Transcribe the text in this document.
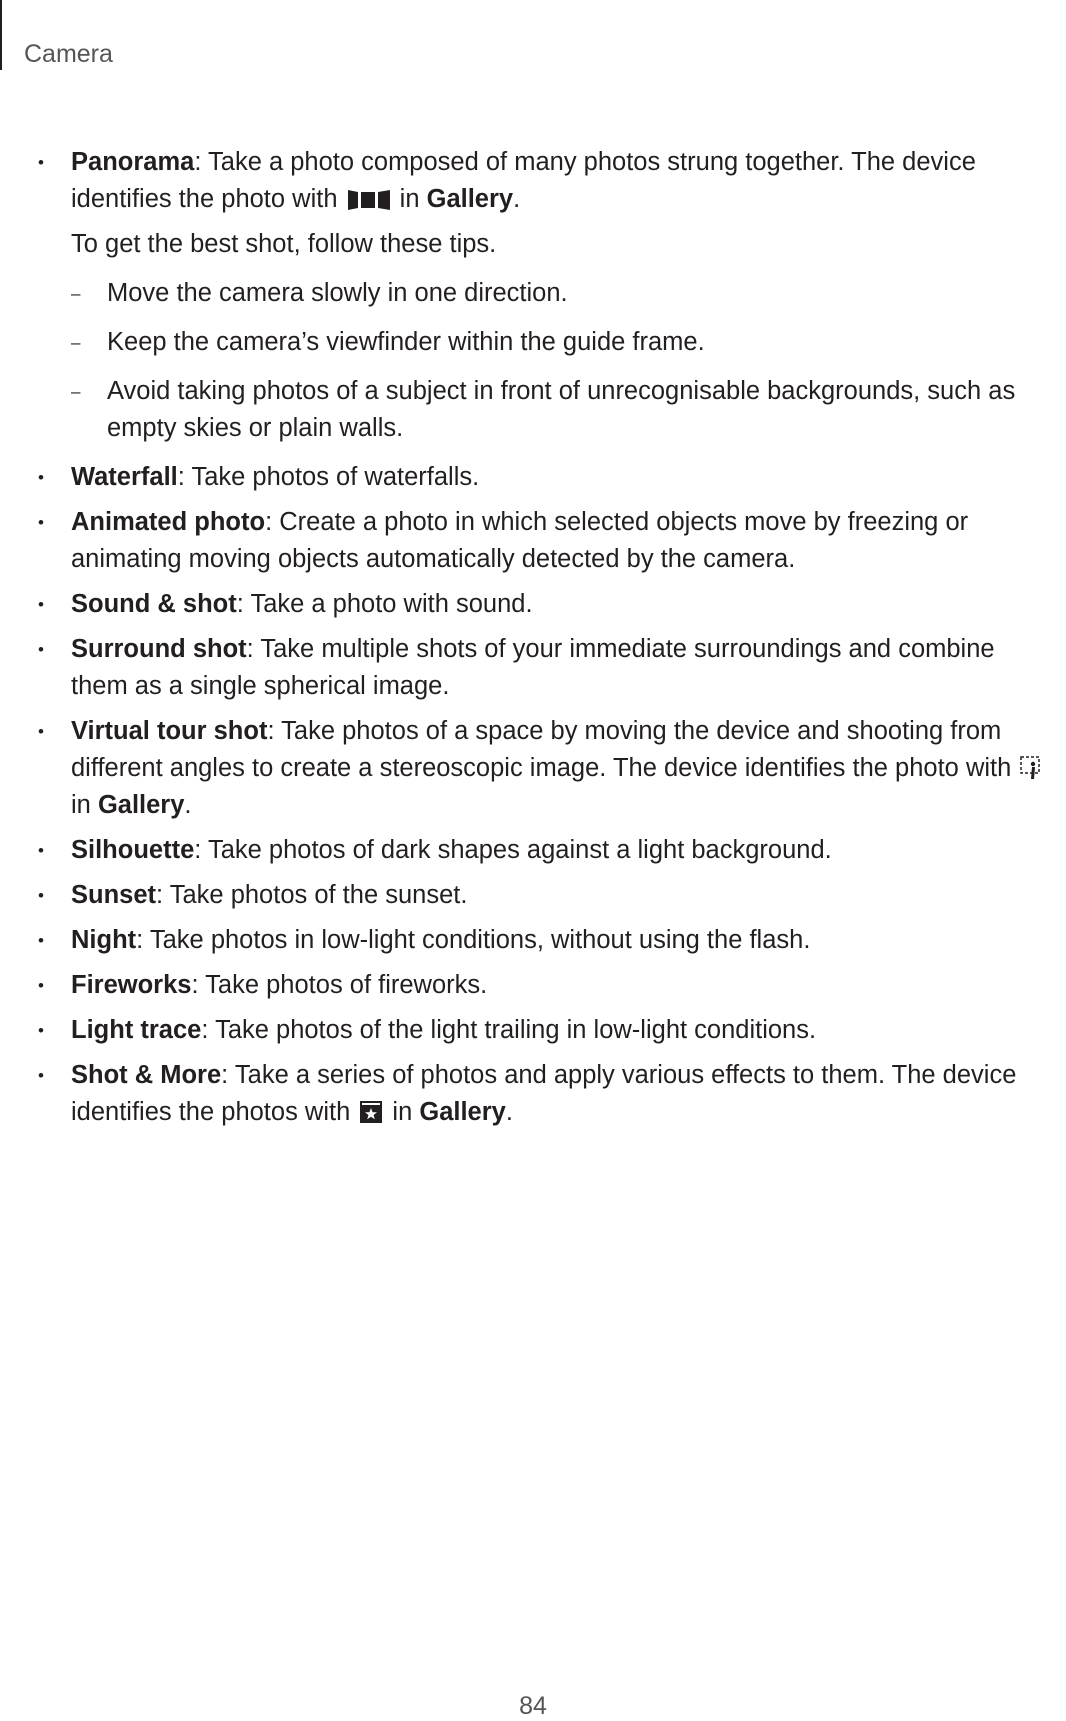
Camera
• Panorama: Take a photo composed of many photos strung together. The device identifies the photo with  in Gallery.
To get the best shot, follow these tips.
– Move the camera slowly in one direction.
– Keep the camera’s viewfinder within the guide frame.
– Avoid taking photos of a subject in front of unrecognisable backgrounds, such as empty skies or plain walls.
• Waterfall: Take photos of waterfalls.
• Animated photo: Create a photo in which selected objects move by freezing or animating moving objects automatically detected by the camera.
• Sound & shot: Take a photo with sound.
• Surround shot: Take multiple shots of your immediate surroundings and combine them as a single spherical image.
• Virtual tour shot: Take photos of a space by moving the device and shooting from different angles to create a stereoscopic image. The device identifies the photo with  in Gallery.
• Silhouette: Take photos of dark shapes against a light background.
• Sunset: Take photos of the sunset.
• Night: Take photos in low-light conditions, without using the flash.
• Fireworks: Take photos of fireworks.
• Light trace: Take photos of the light trailing in low-light conditions.
• Shot & More: Take a series of photos and apply various effects to them. The device identifies the photos with  in Gallery.
84
